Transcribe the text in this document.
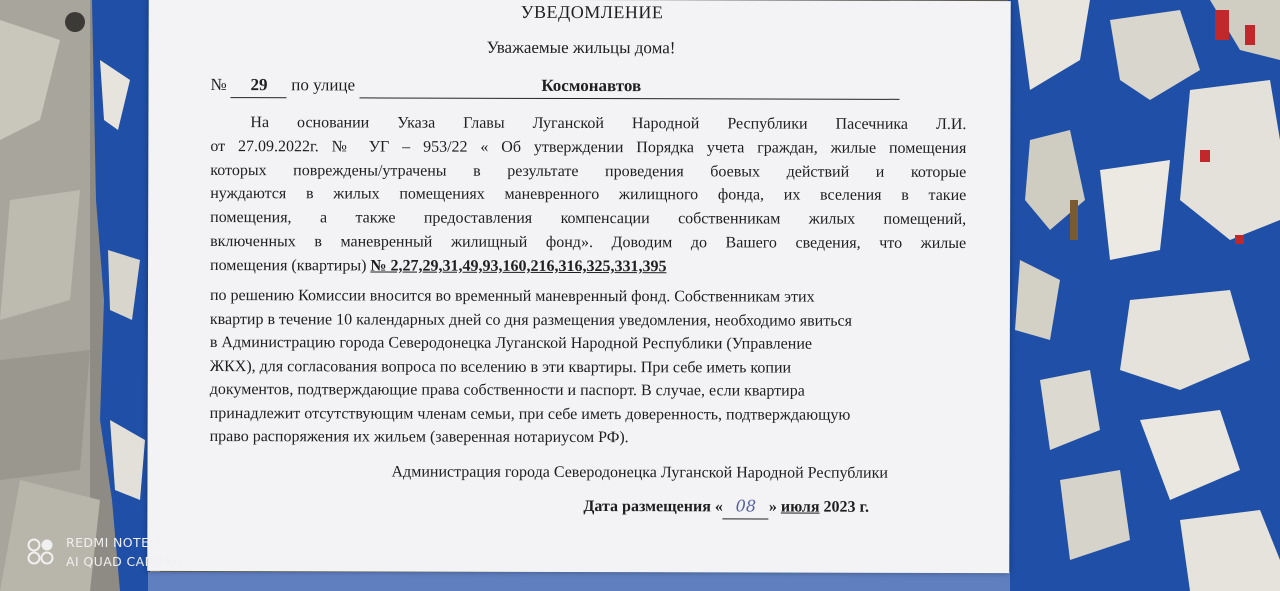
УВЕДОМЛЕНИЕ
Уважаемые жильцы дома!
№ 29 по улице	Космонавтов
На основании Указа Главы Луганской Народной Республики Пасечника Л.И.
от 27.09.2022г. № УГ – 953/22 « Об утверждении Порядка учета граждан, жилые помещения
которых повреждены/утрачены в результате проведения боевых действий и которые
нуждаются в жилых помещениях маневренного жилищного фонда, их вселения в такие
помещения, а также предоставления компенсации собственникам жилых помещений,
включенных в маневренный жилищный фонд». Доводим до Вашего сведения, что жилые
помещения (квартиры) № 2,27,29,31,49,93,160,216,316,325,331,395
по решению Комиссии вносится во временный маневренный фонд. Собственникам этих
квартир в течение 10 календарных дней со дня размещения уведомления, необходимо явиться
в Администрацию города Северодонецка Луганской Народной Республики (Управление
ЖКХ), для согласования вопроса по вселению в эти квартиры. При себе иметь копии
документов, подтверждающие права собственности и паспорт. В случае, если квартира
принадлежит отсутствующим членам семьи, при себе иметь доверенность, подтверждающую
право распоряжения их жильем (заверенная нотариусом РФ).
Администрация города Северодонецка Луганской Народной Республики
Дата размещения « 08 » июля 2023 г.
REDMI NOTE 9
AI QUAD CAMERA
